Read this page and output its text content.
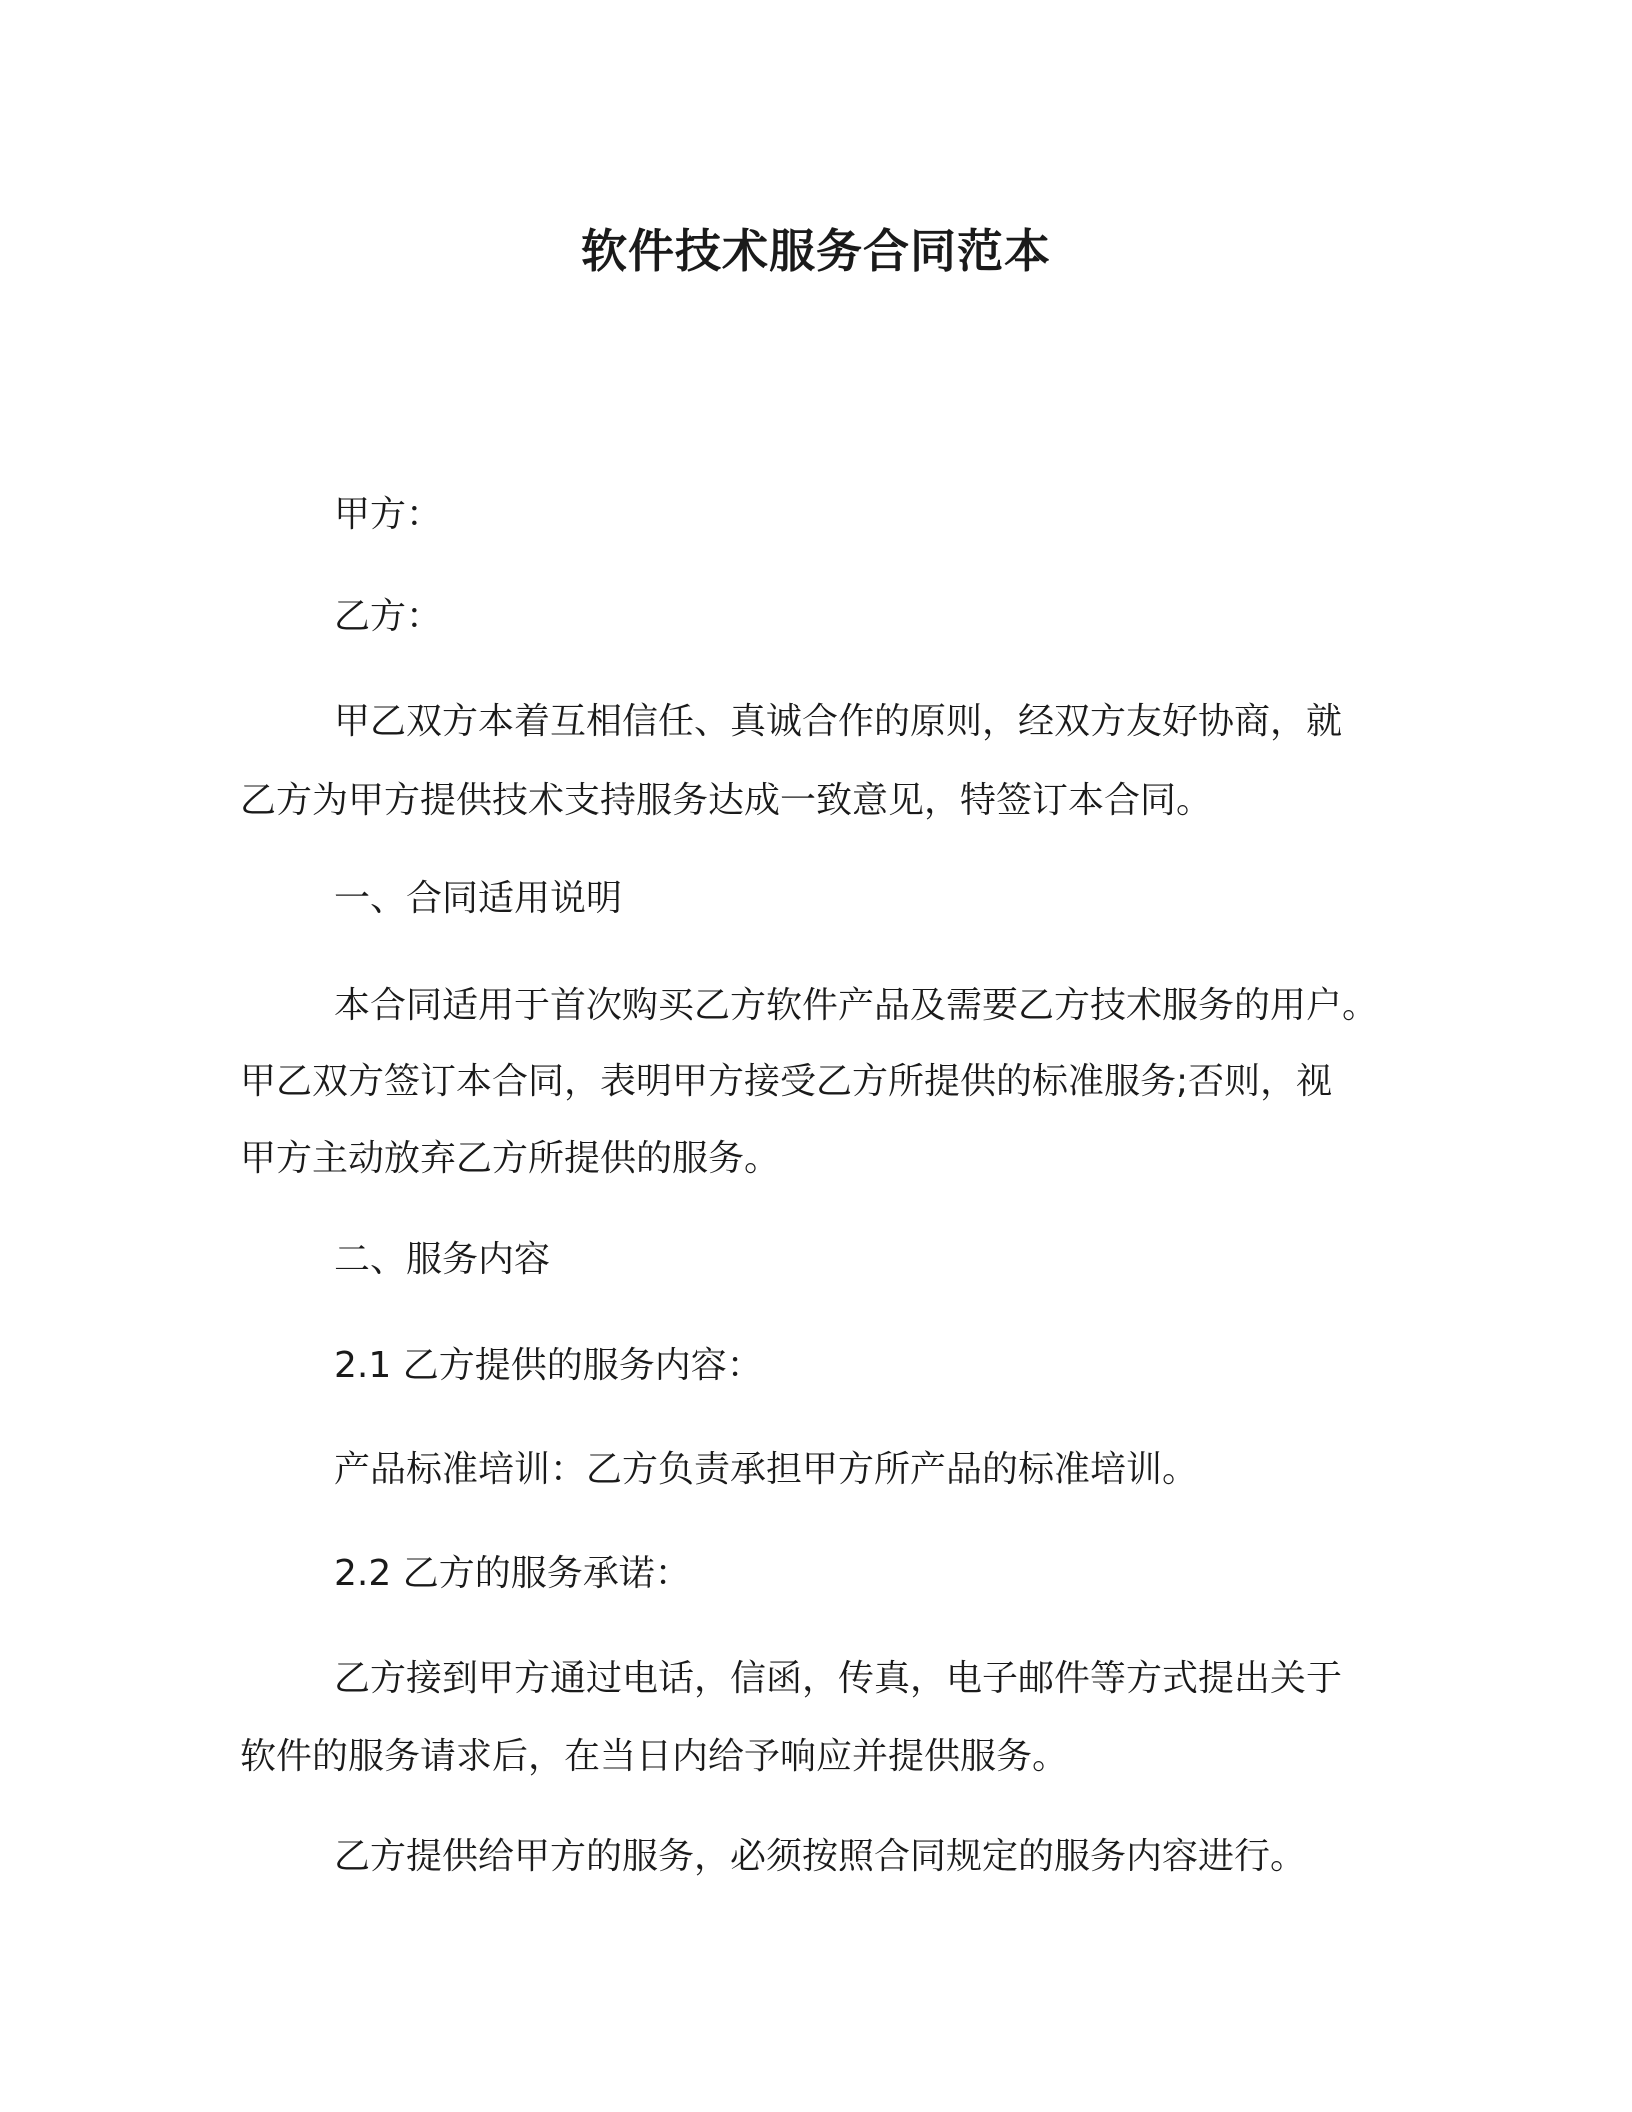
软件技术服务合同范本
甲方：
乙方：
甲乙双方本着互相信任、真诚合作的原则，经双方友好协商，就
乙方为甲方提供技术支持服务达成一致意见，特签订本合同。
一、合同适用说明
本合同适用于首次购买乙方软件产品及需要乙方技术服务的用户。
甲乙双方签订本合同，表明甲方接受乙方所提供的标准服务;否则，视
甲方主动放弃乙方所提供的服务。
二、服务内容
2.1 乙方提供的服务内容：
产品标准培训：乙方负责承担甲方所产品的标准培训。
2.2 乙方的服务承诺：
乙方接到甲方通过电话，信函，传真，电子邮件等方式提出关于
软件的服务请求后，在当日内给予响应并提供服务。
乙方提供给甲方的服务，必须按照合同规定的服务内容进行。
